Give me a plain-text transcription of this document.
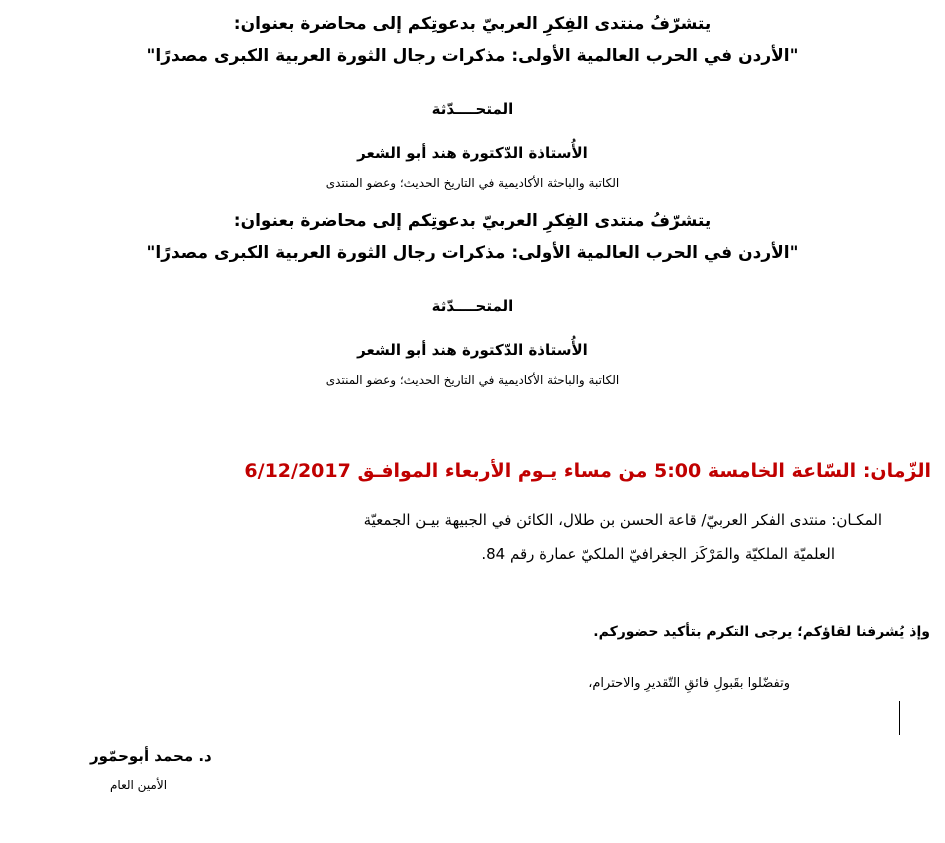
يتشرّفُ منتدى الفِكرِ العربيّ بدعوتِكم إلى محاضرة بعنوان:

"الأردن في الحرب العالمية الأولى: مذكرات رجال الثورة العربية الكبرى مصدرًا"

المتحــــدّثة

الأُستاذة الدّكتورة هند أبو الشعر

الكاتبة والباحثة الأكاديمية في التاريخ الحديث؛ وعضو المنتدى

يتشرّفُ منتدى الفِكرِ العربيّ بدعوتِكم إلى محاضرة بعنوان:

"الأردن في الحرب العالمية الأولى: مذكرات رجال الثورة العربية الكبرى مصدرًا"

المتحــــدّثة

الأُستاذة الدّكتورة هند أبو الشعر

الكاتبة والباحثة الأكاديمية في التاريخ الحديث؛ وعضو المنتدى

الزّمان: السّاعة الخامسة 5:00 من مساء يـوم الأربعاء الموافـق 6/12/2017

المكـان: منتدى الفكر العربيّ/ قاعة الحسن بن طلال، الكائن في الجبيهة بيـن الجمعيّة

العلميّة الملكيّة والمَرْكَز الجغرافيّ الملكيّ عمارة رقم 84.

وإذ يُشرفنا لقاؤكم؛ يرجى التكرم بتأكيد حضوركم.

وتفضّلوا بقَبولِ فائقِ التّقديرِ والاحترام،

د. محمد أبوحمّور

الأمين العام
